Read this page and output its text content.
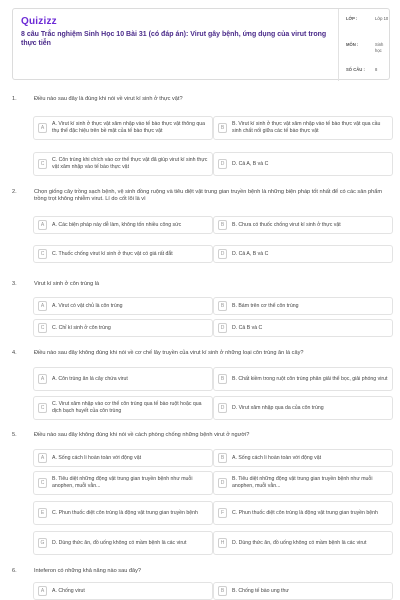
Quizizz
8 câu Trắc nghiệm Sinh Học 10 Bài 31 (có đáp án): Virut gây bệnh, ứng dụng của virut trong thực tiễn
LỚP :	Lớp 10
MÔN :	Sinh học
SỐ CÂU : 8
1.	Điều nào sau đây là đúng khi nói về virut kí sinh ở thực vật?
A
A. Virut kí sinh ở thực vật xâm nhập vào tế bào thực vật thông qua thụ thể đặc hiệu trên bề mặt của tế bào thực vật	B
B. Virut kí sinh ở thực vật xâm nhập vào tế bào thực vật qua cầu sinh chất nối giữa các tế bào thực vật
C
C. Côn trùng khi chích vào cơ thể thực vật đã giúp virut kí sinh thực vật xâm nhập vào tế bào thực vật	D	D. Cả A, B và C
2.	Chọn giống cây trồng sạch bệnh, vệ sinh đồng ruộng và tiêu diệt vật trung gian truyền bệnh là những biện pháp tốt nhất để có các sản phẩm trồng trọt không nhiễm virut. Lí do cốt lõi là vì
A	A. Các biện pháp này dễ làm, không tốn nhiều công sức	B	B. Chưa có thuốc chống virut kí sinh ở thực vật
C	C. Thuốc chống virut kí sinh ở thực vật có giá rất đắt	D	D. Cả A, B và C
3.	Virut kí sinh ở côn trùng là
A	A. Virut có vật chủ là côn trùng	B	B. Bám trên cơ thể côn trùng
C	C. Chỉ kí sinh ở côn trùng	D	D. Cả B và C
4.	Điều nào sau đây không đúng khi nói về cơ chế lây truyền của virut kí sinh ở những loại côn trùng ăn lá cây?
A	A. Côn trùng ăn lá cây chứa virut	B	B. Chất kiềm trong ruột côn trùng phân giải thể bọc, giải phóng virut
C
C. Virut xâm nhập vào cơ thể côn trùng qua tế bào ruột hoặc qua dịch bạch huyết của côn trùng	D	D. Virut xâm nhập qua da của côn trùng
5.	Điều nào sau đây không đúng khi nói về cách phòng chống những bệnh virut ở người?
A	A. Sống cách li hoàn toàn với động vật	B	A. Sống cách li hoàn toàn với động vật
C
B. Tiêu diệt những động vật trung gian truyền bệnh như muỗi anophen, muỗi vằn...	D
B. Tiêu diệt những động vật trung gian truyền bệnh như muỗi anophen, muỗi vằn...
E	C. Phun thuốc diệt côn trùng là động vật trung gian truyền bệnh	F	C. Phun thuốc diệt côn trùng là động vật trung gian truyền bệnh
G	D. Dùng thức ăn, đồ uống không có mầm bệnh là các virut	H	D. Dùng thức ăn, đồ uống không có mầm bệnh là các virut
6.	Inteferon có những khả năng nào sau đây?
A	A. Chống virut	B	B. Chống tế bào ung thư
